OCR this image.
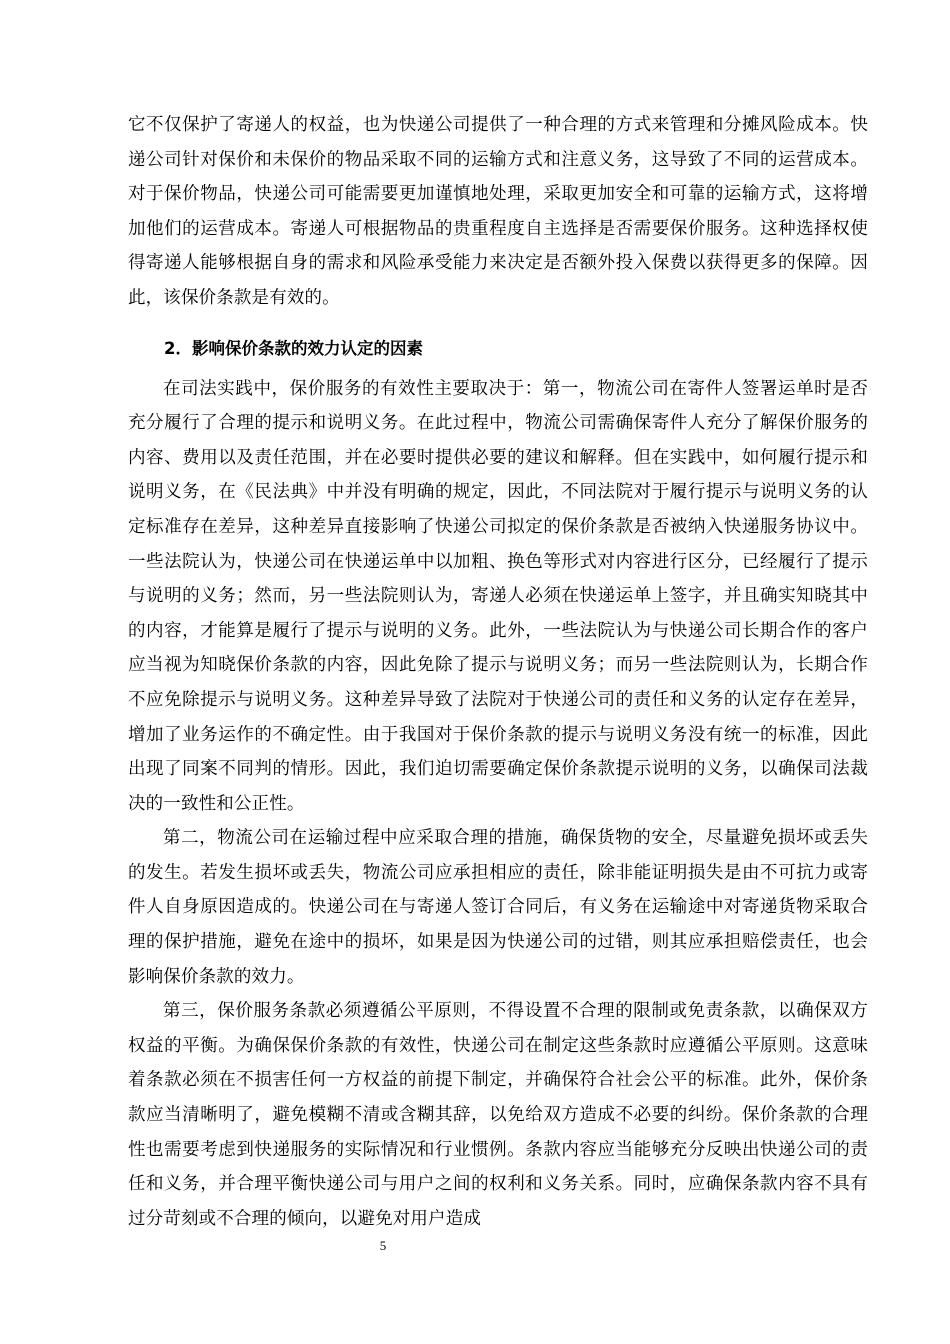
它不仅保护了寄递人的权益，也为快递公司提供了一种合理的方式来管理和分摊风险成本。快递公司针对保价和未保价的物品采取不同的运输方式和注意义务，这导致了不同的运营成本。对于保价物品，快递公司可能需要更加谨慎地处理，采取更加安全和可靠的运输方式，这将增加他们的运营成本。寄递人可根据物品的贵重程度自主选择是否需要保价服务。这种选择权使得寄递人能够根据自身的需求和风险承受能力来决定是否额外投入保费以获得更多的保障。因此，该保价条款是有效的。

2．影响保价条款的效力认定的因素

在司法实践中，保价服务的有效性主要取决于：第一，物流公司在寄件人签署运单时是否充分履行了合理的提示和说明义务。在此过程中，物流公司需确保寄件人充分了解保价服务的内容、费用以及责任范围，并在必要时提供必要的建议和解释。但在实践中，如何履行提示和说明义务，在《民法典》中并没有明确的规定，因此，不同法院对于履行提示与说明义务的认定标准存在差异，这种差异直接影响了快递公司拟定的保价条款是否被纳入快递服务协议中。一些法院认为，快递公司在快递运单中以加粗、换色等形式对内容进行区分，已经履行了提示与说明的义务；然而，另一些法院则认为，寄递人必须在快递运单上签字，并且确实知晓其中的内容，才能算是履行了提示与说明的义务。此外，一些法院认为与快递公司长期合作的客户应当视为知晓保价条款的内容，因此免除了提示与说明义务；而另一些法院则认为，长期合作不应免除提示与说明义务。这种差异导致了法院对于快递公司的责任和义务的认定存在差异，增加了业务运作的不确定性。由于我国对于保价条款的提示与说明义务没有统一的标准，因此出现了同案不同判的情形。因此，我们迫切需要确定保价条款提示说明的义务，以确保司法裁决的一致性和公正性。

第二，物流公司在运输过程中应采取合理的措施，确保货物的安全，尽量避免损坏或丢失的发生。若发生损坏或丢失，物流公司应承担相应的责任，除非能证明损失是由不可抗力或寄件人自身原因造成的。快递公司在与寄递人签订合同后，有义务在运输途中对寄递货物采取合理的保护措施，避免在途中的损坏，如果是因为快递公司的过错，则其应承担赔偿责任，也会影响保价条款的效力。

第三，保价服务条款必须遵循公平原则，不得设置不合理的限制或免责条款，以确保双方权益的平衡。为确保保价条款的有效性，快递公司在制定这些条款时应遵循公平原则。这意味着条款必须在不损害任何一方权益的前提下制定，并确保符合社会公平的标准。此外，保价条款应当清晰明了，避免模糊不清或含糊其辞，以免给双方造成不必要的纠纷。保价条款的合理性也需要考虑到快递服务的实际情况和行业惯例。条款内容应当能够充分反映出快递公司的责任和义务，并合理平衡快递公司与用户之间的权利和义务关系。同时，应确保条款内容不具有过分苛刻或不合理的倾向，以避免对用户造成

5
